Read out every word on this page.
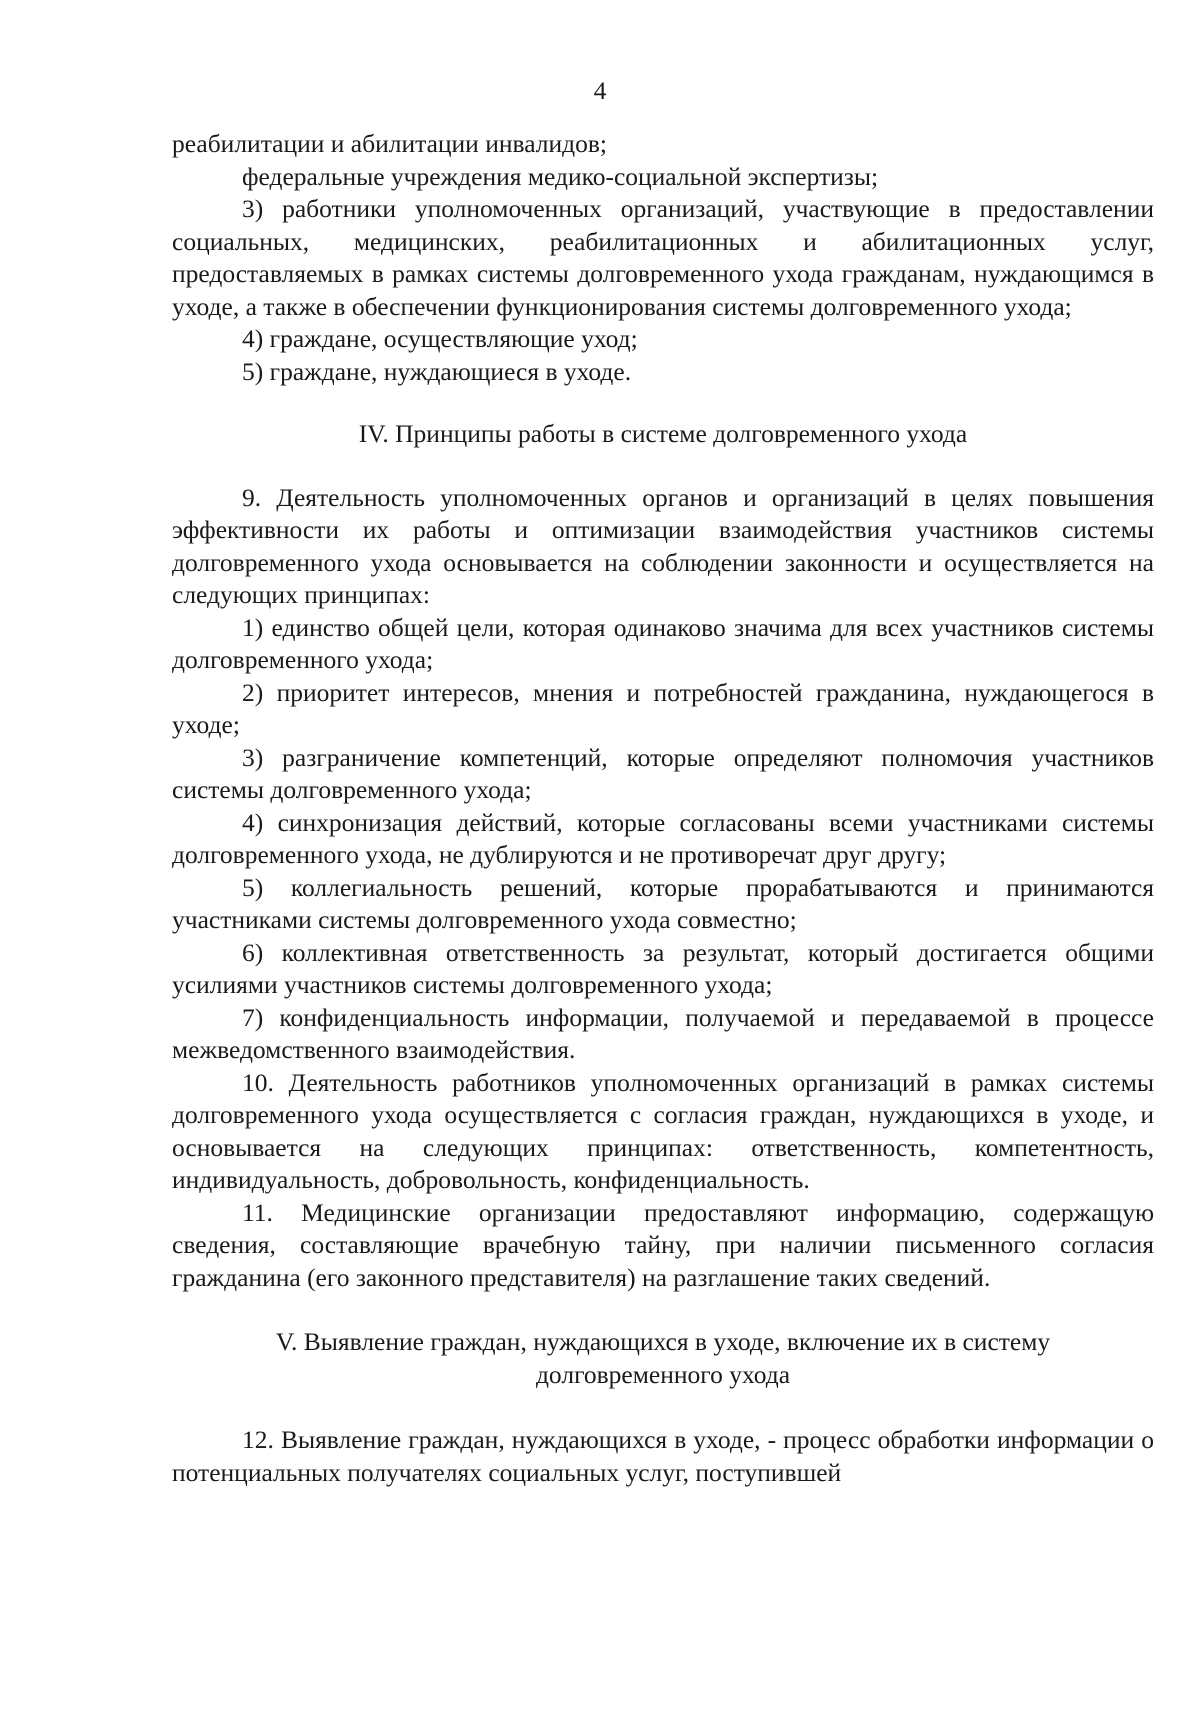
4

реабилитации и абилитации инвалидов;

федеральные учреждения медико-социальной экспертизы;

3) работники уполномоченных организаций, участвующие в предоставлении социальных, медицинских, реабилитационных и абилитационных услуг, предоставляемых в рамках системы долговременного ухода гражданам, нуждающимся в уходе, а также в обеспечении функционирования системы долговременного ухода;

4) граждане, осуществляющие уход;

5) граждане, нуждающиеся в уходе.

IV. Принципы работы в системе долговременного ухода

9. Деятельность уполномоченных органов и организаций в целях повышения эффективности их работы и оптимизации взаимодействия участников системы долговременного ухода основывается на соблюдении законности и осуществляется на следующих принципах:

1) единство общей цели, которая одинаково значима для всех участников системы долговременного ухода;

2) приоритет интересов, мнения и потребностей гражданина, нуждающегося в уходе;

3) разграничение компетенций, которые определяют полномочия участников системы долговременного ухода;

4) синхронизация действий, которые согласованы всеми участниками системы долговременного ухода, не дублируются и не противоречат друг другу;

5) коллегиальность решений, которые прорабатываются и принимаются участниками системы долговременного ухода совместно;

6) коллективная ответственность за результат, который достигается общими усилиями участников системы долговременного ухода;

7) конфиденциальность информации, получаемой и передаваемой в процессе межведомственного взаимодействия.

10. Деятельность работников уполномоченных организаций в рамках системы долговременного ухода осуществляется с согласия граждан, нуждающихся в уходе, и основывается на следующих принципах: ответственность, компетентность, индивидуальность, добровольность, конфиденциальность.

11. Медицинские организации предоставляют информацию, содержащую сведения, составляющие врачебную тайну, при наличии письменного согласия гражданина (его законного представителя) на разглашение таких сведений.

V. Выявление граждан, нуждающихся в уходе, включение их в систему долговременного ухода

12. Выявление граждан, нуждающихся в уходе, - процесс обработки информации о потенциальных получателях социальных услуг, поступившей
